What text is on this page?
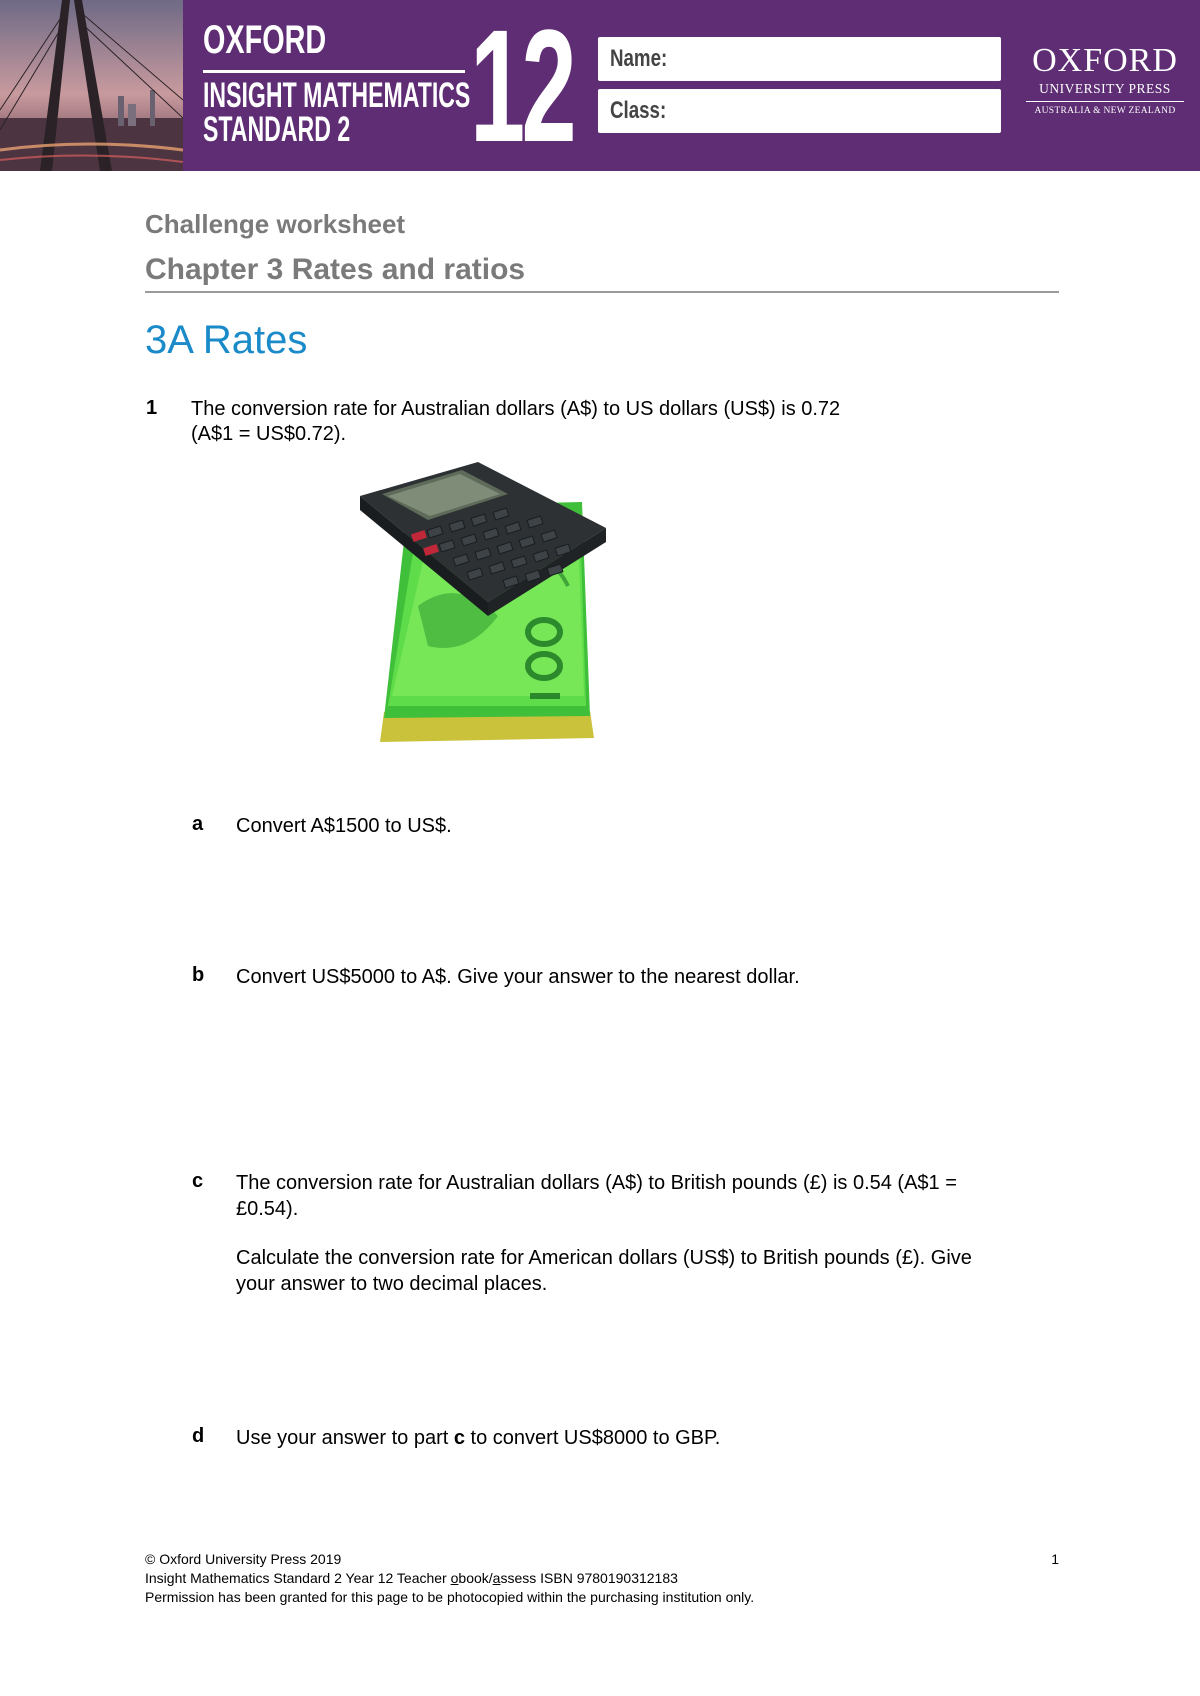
OXFORD
INSIGHT MATHEMATICS
STANDARD 2 12 Name:
Class:
OXFORD
UNIVERSITY PRESS
AUSTRALIA & NEW ZEALAND
Challenge worksheet
Chapter 3 Rates and ratios
3A Rates
1 The conversion rate for Australian dollars (A$) to US dollars (US$) is 0.72

(A$1 = US$0.72).

a Convert A$1500 to US$.

b Convert US$5000 to A$. Give your answer to the nearest dollar.

c The conversion rate for Australian dollars (A$) to British pounds (£) is 0.54 (A$1 =
£0.54).

Calculate the conversion rate for American dollars (US$) to British pounds (£). Give
your answer to two decimal places.

d Use your answer to part c to convert US$8000 to GBP.

© Oxford University Press 2019
Insight Mathematics Standard 2 Year 12 Teacher obook/assess ISBN 9780190312183
Permission has been granted for this page to be photocopied within the purchasing institution only.
1
